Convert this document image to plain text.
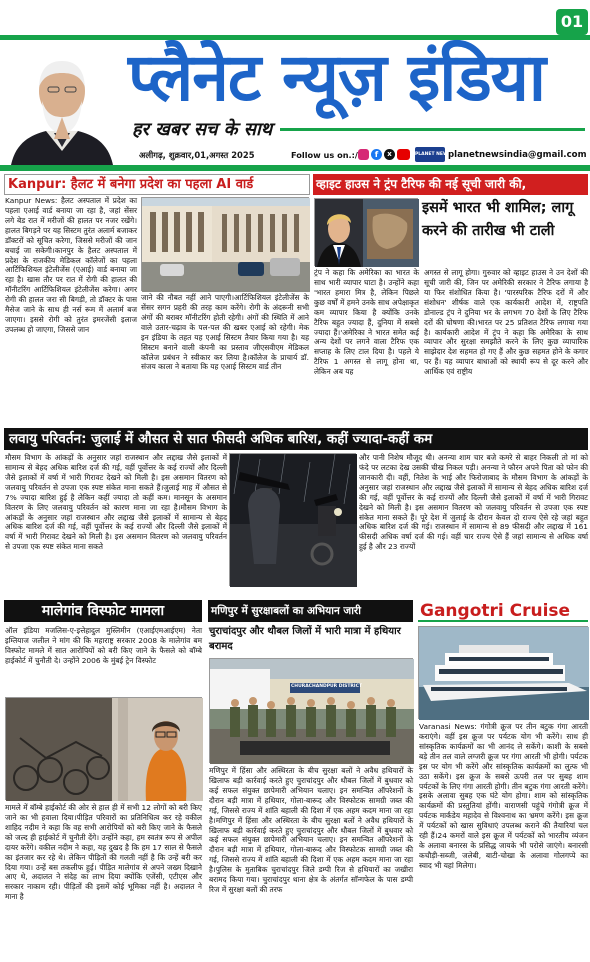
01
प्लैनेट न्यूज़ इंडिया
हर खबर सच के साथ
अलीगढ़, शुक्रवार,01,अगस्त 2025	Follow us on.:/	f	x	PLANET NEWS
planetnewsindia@gmail.com
Kanpur: हैलट में बनेगा प्रदेश का पहला AI वार्ड
Kanpur News: हैलट अस्पताल में प्रदेश का पहला एआई वार्ड बनाया जा रहा है, जहां सेंसर लगे बेड रात में मरीजों की हालत पर नजर रखेंगे। हालत बिगड़ने पर यह सिस्टम तुरंत अलार्म बजाकर डॉक्टरों को सूचित करेगा, जिससे मरीजों की जान बचाई जा सकेगी।कानपुर के हैलट अस्पताल में प्रदेश के राजकीय मेडिकल कॉलेजों का पहला आर्टिफिशियल इंटेलीजेंस (एआई) वार्ड बनाया जा रहा है। खास तौर पर रात में रोगी की हालत की मॉनीटरिंग आर्टिफिशियल इंटेलीजेंस करेगा। अगर रोगी की हालत जरा सी बिगड़ी, तो डॉक्टर के पास मैसेज जाने के साथ ही नर्स रूम में अलार्म बज जाएगा। इससे रोगी को तुरंत इमरजेंसी इलाज उपलब्ध हो जाएगा, जिससे जान
जाने की नौबत नहीं आने पाएगी।आर्टिफिशियल इंटेलीजेंस के सेंसर सगन प्रहरी की तरह काम करेंगे। रोगी के अंदरूनी सभी अंगों की बराबर मॉनीटरिंग होती रहेगी। अंगों की स्थिति में आने वाले उतार-चढ़ाव के पल-पल की खबर एआई को रहेगी। मेक इन इंडिया के तहत यह एआई सिस्टम तैयार किया गया है। यह सिस्टम बनाने वाली कंपनी का प्रस्ताव जीएसवीएम मेडिकल कॉलेज प्रबंधन ने स्वीकार कर लिया है।कॉलेज के प्राचार्य डॉ. संजय काला ने बताया कि यह एआई सिस्टम वार्ड तीन
व्हाइट हाउस ने ट्रंप टैरिफ की नई सूची जारी की,
इसमें भारत भी शामिल; लागू करने की तारीख भी टाली
ट्रंप ने कहा कि अमेरिका का भारत के साथ भारी व्यापार घाटा है। उन्होंने कहा 'भारत हमारा मित्र है, लेकिन पिछले कुछ वर्षों में हमने उनके साथ अपेक्षाकृत कम व्यापार किया है क्योंकि उनके टैरिफ बहुत ज्यादा हैं, दुनिया में सबसे ज्यादा हैं।'अमेरिका ने भारत समेत कई अन्य देशों पर लगने वाला टैरिफ एक सप्ताह के लिए टाल दिया है। पहले ये टैरिफ 1 अगस्त से लागू होना था, लेकिन अब यह
अगस्त से लागू होगा। गुरुवार को व्हाइट हाउस ने उन देशों की सूची जारी की, जिन पर अमेरिकी सरकार ने टैरिफ लगाया है या फिर संशोधित किया है। 'पारस्परिक टैरिफ दरों में और संशोधन' शीर्षक वाले एक कार्यकारी आदेश में, राष्ट्रपति डोनाल्ड ट्रंप ने दुनिया भर के लगभग 70 देशों के लिए टैरिफ दरों की घोषणा की।भारत पर 25 प्रतिशत टैरिफ लगाया गया है। कार्यकारी आदेश में ट्रंप ने कहा कि अमेरिका के साथ व्यापार और सुरक्षा समझौते करने के लिए कुछ व्यापारिक साझेदार देश सहमत हो गए हैं और कुछ सहमत होने के कगार पर हैं। यह व्यापार बाधाओं को स्थायी रूप से दूर करने और आर्थिक एवं राष्ट्रीय
लवायु परिवर्तन: जुलाई में औसत से सात फीसदी अधिक बारिश, कहीं ज्यादा-कहीं कम
मौसम विभाग के आंकड़ों के अनुसार जहां राजस्थान और लद्दाख जैसे इलाकों में सामान्य से बेहद अधिक बारिश दर्ज की गई, वहीं पूर्वोत्तर के कई राज्यों और दिल्ली जैसे इलाकों में वर्षा में भारी गिरावट देखने को मिली है। इस असमान वितरण को जलवायु परिवर्तन से उपजा एक स्पष्ट संकेत माना सकते हैं।जुलाई माह में औसत से 7% ज्यादा बारिश हुई है लेकिन कहीं ज्यादा तो कहीं कम। मानसून के असमान वितरण के लिए जलवायु परिवर्तन को कारण माना जा रहा है।मौसम विभाग के आंकड़ों के अनुसार जहां राजस्थान और लद्दाख जैसे इलाकों में सामान्य से बेहद अधिक बारिश दर्ज की गई, वहीं पूर्वोत्तर के कई राज्यों और दिल्ली जैसे इलाकों में वर्षा में भारी गिरावट देखने को मिली है। इस असमान वितरण को जलवायु परिवर्तन से उपजा एक स्पष्ट संकेत माना सकते
और पानी निशेष मौजूद थी। अनन्या शाम चार बजे कमरे से बाहर निकली तो मां को फंदे पर लटका देख उसकी चीख निकल पड़ी। अनन्या ने फौरन अपने पिता को फोन की जानकारी दी। वहीं, नितेश के भाई और फिरोजाबाद के मौसम विभाग के आंकड़ों के अनुसार जहां राजस्थान और लद्दाख जैसे इलाकों में सामान्य से बेहद अधिक बारिश दर्ज की गई, वहीं पूर्वोत्तर के कई राज्यों और दिल्ली जैसे इलाकों में वर्षा में भारी गिरावट देखने को मिली है। इस असमान वितरण को जलवायु परिवर्तन से उपजा एक स्पष्ट संकेत माना सकते हैं। पूरे देश में जुलाई के दौरान केवल दो राज्य ऐसे रहे जहां बहुत अधिक बारिश दर्ज की गई। राजस्थान में सामान्य से 89 फीसदी और लद्दाख में 161 फीसदी अधिक वर्षा दर्ज की गई। वहीं चार राज्य ऐसे हैं जहां सामान्य से अधिक वर्षा हुई है और 23 राज्यों
मालेगांव विस्फोट मामला
ऑल इंडिया मजलिस-ए-इत्तेहादुल मुस्लिमीन (एआईएमआईएम) नेता इम्तियाज जलील ने मांग की कि महाराष्ट्र सरकार 2008 के मालेगांव बम विस्फोट मामले में सात आरोपियों को बरी किए जाने के फैसले को बॉम्बे हाईकोर्ट में चुनौती दे। उन्होंने 2006 के मुंबई ट्रेन विस्फोट
मामले में बॉम्बे हाईकोर्ट की ओर से हाल ही में सभी 12 लोगों को बरी किए जाने का भी हवाला दिया।पीड़ित परिवारों का प्रतिनिधित्व कर रहे वकील शाहिद नदीम ने कहा कि वह सभी आरोपियों को बरी किए जाने के फैसले को जल्द ही हाईकोर्ट में चुनौती देंगे। उन्होंने कहा, हम स्वतंत्र रूप से अपील दायर करेंगे। वकील नदीम ने कहा, यह दुखद है कि हम 17 साल से फैसले का इंतजार कर रहे थे। लेकिन पीड़ितों की गलती नहीं है कि उन्हें बरी कर दिया गया। उन्हें बस तकलीफ हुई। पीड़ित मालेगांव से अपने जख्म दिखाने आए थे, अदालत ने संदेह का लाभ दिया क्योंकि एजेंसी, एटीएस और सरकार नाकाम रही। पीड़ितों की इसमें कोई भूमिका नहीं है। अदालत ने माना है
मणिपुर में सुरक्षाबलों का अभियान जारी
चुराचांदपुर और थौबल जिलों में भारी मात्रा में हथियार बरामद
CHURACHANDPUR DISTRICT
मणिपुर में हिंसा और अस्थिरता के बीच सुरक्षा बलों ने अवैध हथियारों के खिलाफ बड़ी कार्रवाई करते हुए चुराचांदपुर और थौबल जिलों में बुधवार को कई सफल संयुक्त छापेमारी अभियान चलाए। इन समन्वित ऑपरेशनों के दौरान बड़ी मात्रा में हथियार, गोला-बारूद और विस्फोटक सामग्री जब्त की गई, जिससे राज्य में शांति बहाली की दिशा में एक अहम कदम माना जा रहा है।मणिपुर में हिंसा और अस्थिरता के बीच सुरक्षा बलों ने अवैध हथियारों के खिलाफ बड़ी कार्रवाई करते हुए चुराचांदपुर और थौबल जिलों में बुधवार को कई सफल संयुक्त छापेमारी अभियान चलाए। इन समन्वित ऑपरेशनों के दौरान बड़ी मात्रा में हथियार, गोला-बारूद और विस्फोटक सामग्री जब्त की गई, जिससे राज्य में शांति बहाली की दिशा में एक अहम कदम माना जा रहा है।पुलिस के मुताबिक चुराचांदपुर जिले डम्पी रिज से हथियारों का जखीरा बरामद किया गया। चुराचांदपुर थाना क्षेत्र के अंतर्गत सॉन्गफेल के पास डम्पी रिज में सुरक्षा बलों की तरफ
Gangotri Cruise
Varanasi News: गंगोत्री क्रूज पर तीन बटुक गंगा आरती कराएंगे। वहीं इस क्रूज पर पर्यटक योग भी करेंगे। साथ ही सांस्कृतिक कार्यक्रमों का भी आनंद ले सकेंगे। काशी के सबसे बड़े तीन तल वाले लग्जरी क्रूज पर गंगा आरती भी होगी। पर्यटक इस पर योग भी करेंगे और सांस्कृतिक कार्यक्रमों का लुत्फ भी उठा सकेंगे। इस क्रूज के सबसे ऊपरी तल पर सुबह शाम पर्यटकों के लिए गंगा आरती होगी। तीन बटुक गंगा आरती करेंगे। इसके अलावा सुबह एक घंटे योग होगा। शाम को सांस्कृतिक कार्यक्रमों की प्रस्तुतियां होंगी। वाराणसी पहुंचे गंगोत्री क्रूज में पर्यटक मार्कंडेय महादेव से विश्वनाथ का भ्रमण करेंगे। इस क्रूज में पर्यटकों को खास सुविधाएं उपलब्ध कराने की तैयारियां चल रही हैं।24 कमरों वाले इस क्रूज में पर्यटकों को भारतीय व्यंजन के अलावा बनारस के प्रसिद्ध जायके भी परोसे जाएंगे। बनारसी कचौड़ी-सब्जी, जलेबी, बाटी-चोखा के अलावा गोलगप्पे का स्वाद भी यहां मिलेगा।
